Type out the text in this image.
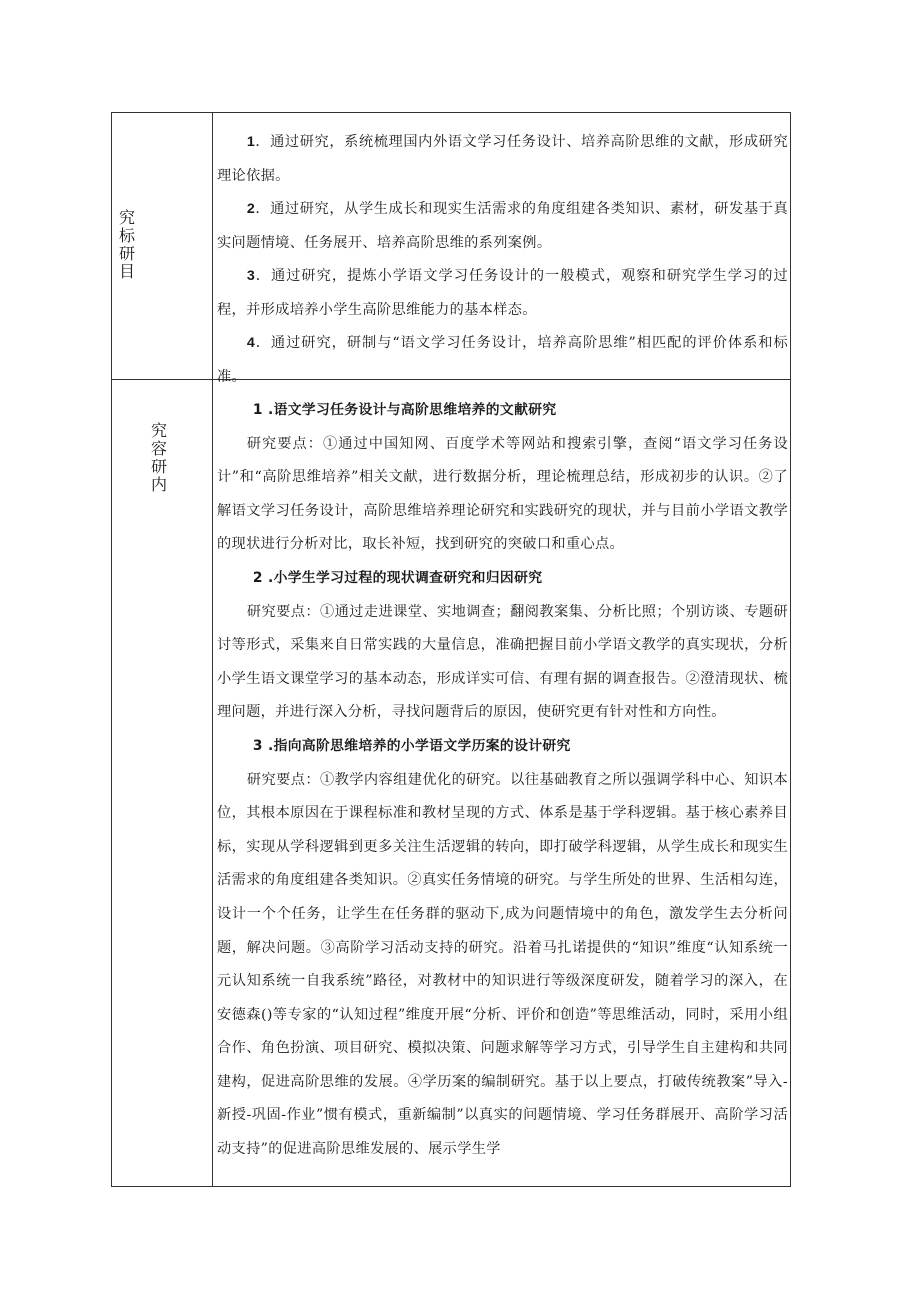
究
标
研
目

1．通过研究，系统梳理国内外语文学习任务设计、培养高阶思维的文献，形成研究理论依据。

2．通过研究，从学生成长和现实生活需求的角度组建各类知识、素材，研发基于真实问题情境、任务展开、培养高阶思维的系列案例。

3．通过研究，提炼小学语文学习任务设计的一般模式，观察和研究学生学习的过程，并形成培养小学生高阶思维能力的基本样态。

4．通过研究，研制与“语文学习任务设计，培养高阶思维”相匹配的评价体系和标准。

究
容
研
内

1 .语文学习任务设计与高阶思维培养的文献研究

研究要点：①通过中国知网、百度学术等网站和搜索引擎，查阅“语文学习任务设计”和“高阶思维培养”相关文献，进行数据分析，理论梳理总结，形成初步的认识。②了解语文学习任务设计，高阶思维培养理论研究和实践研究的现状，并与目前小学语文教学的现状进行分析对比，取长补短，找到研究的突破口和重心点。

2 .小学生学习过程的现状调查研究和归因研究

研究要点：①通过走进课堂、实地调查；翻阅教案集、分析比照；个别访谈、专题研讨等形式，采集来自日常实践的大量信息，准确把握目前小学语文教学的真实现状，分析小学生语文课堂学习的基本动态，形成详实可信、有理有据的调查报告。②澄清现状、梳理问题，并进行深入分析，寻找问题背后的原因，使研究更有针对性和方向性。

3 .指向高阶思维培养的小学语文学历案的设计研究

研究要点：①教学内容组建优化的研究。以往基础教育之所以强调学科中心、知识本位，其根本原因在于课程标准和教材呈现的方式、体系是基于学科逻辑。基于核心素养目标，实现从学科逻辑到更多关注生活逻辑的转向，即打破学科逻辑，从学生成长和现实生活需求的角度组建各类知识。②真实任务情境的研究。与学生所处的世界、生活相勾连，设计一个个任务，让学生在任务群的驱动下,成为问题情境中的角色，激发学生去分析问题，解决问题。③高阶学习活动支持的研究。沿着马扎诺提供的“知识”维度“认知系统一元认知系统一自我系统”路径，对教材中的知识进行等级深度研发，随着学习的深入，在安德森()等专家的“认知过程”维度开展“分析、评价和创造”等思维活动，同时，采用小组合作、角色扮演、项目研究、模拟决策、问题求解等学习方式，引导学生自主建构和共同建构，促进高阶思维的发展。④学历案的编制研究。基于以上要点，打破传统教案”导入-新授-巩固-作业”惯有模式，重新编制”以真实的问题情境、学习任务群展开、高阶学习活动支持”的促进高阶思维发展的、展示学生学
